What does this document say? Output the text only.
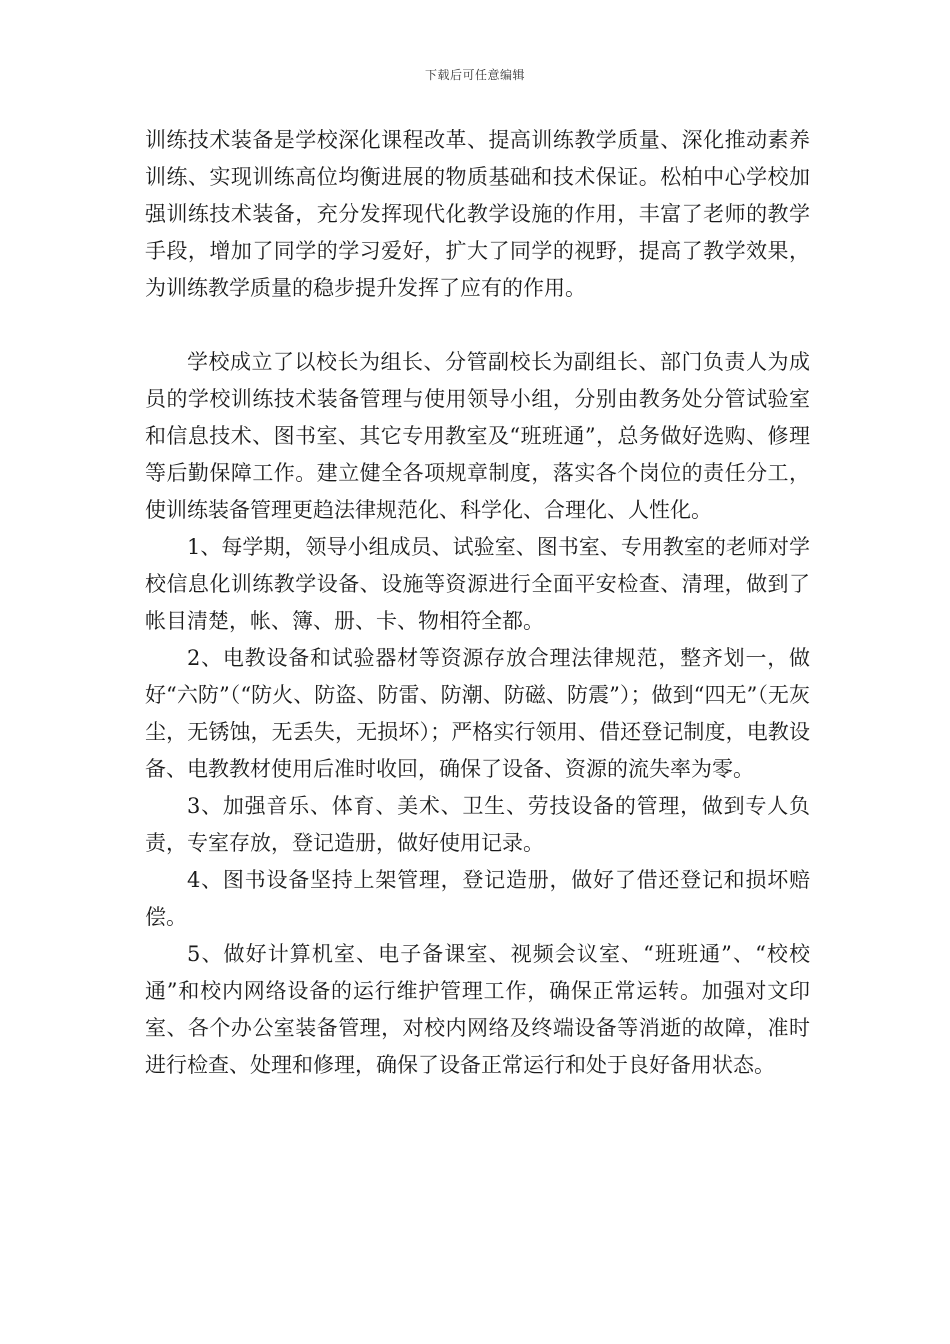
下载后可任意编辑

训练技术装备是学校深化课程改革、提高训练教学质量、深化推动素养训练、实现训练高位均衡进展的物质基础和技术保证。松柏中心学校加强训练技术装备，充分发挥现代化教学设施的作用，丰富了老师的教学手段，增加了同学的学习爱好，扩大了同学的视野，提高了教学效果，为训练教学质量的稳步提升发挥了应有的作用。

学校成立了以校长为组长、分管副校长为副组长、部门负责人为成员的学校训练技术装备管理与使用领导小组，分别由教务处分管试验室和信息技术、图书室、其它专用教室及“班班通”，总务做好选购、修理等后勤保障工作。建立健全各项规章制度，落实各个岗位的责任分工，使训练装备管理更趋法律规范化、科学化、合理化、人性化。

1、每学期，领导小组成员、试验室、图书室、专用教室的老师对学校信息化训练教学设备、设施等资源进行全面平安检查、清理，做到了帐目清楚，帐、簿、册、卡、物相符全都。

2、电教设备和试验器材等资源存放合理法律规范，整齐划一，做好“六防”（“防火、防盗、防雷、防潮、防磁、防震”）；做到“四无”（无灰尘，无锈蚀，无丢失，无损坏）；严格实行领用、借还登记制度，电教设备、电教教材使用后准时收回，确保了设备、资源的流失率为零。

3、加强音乐、体育、美术、卫生、劳技设备的管理，做到专人负责，专室存放，登记造册，做好使用记录。

4、图书设备坚持上架管理，登记造册，做好了借还登记和损坏赔偿。

5、做好计算机室、电子备课室、视频会议室、“班班通”、“校校通”和校内网络设备的运行维护管理工作，确保正常运转。加强对文印室、各个办公室装备管理，对校内网络及终端设备等消逝的故障，准时进行检查、处理和修理，确保了设备正常运行和处于良好备用状态。
